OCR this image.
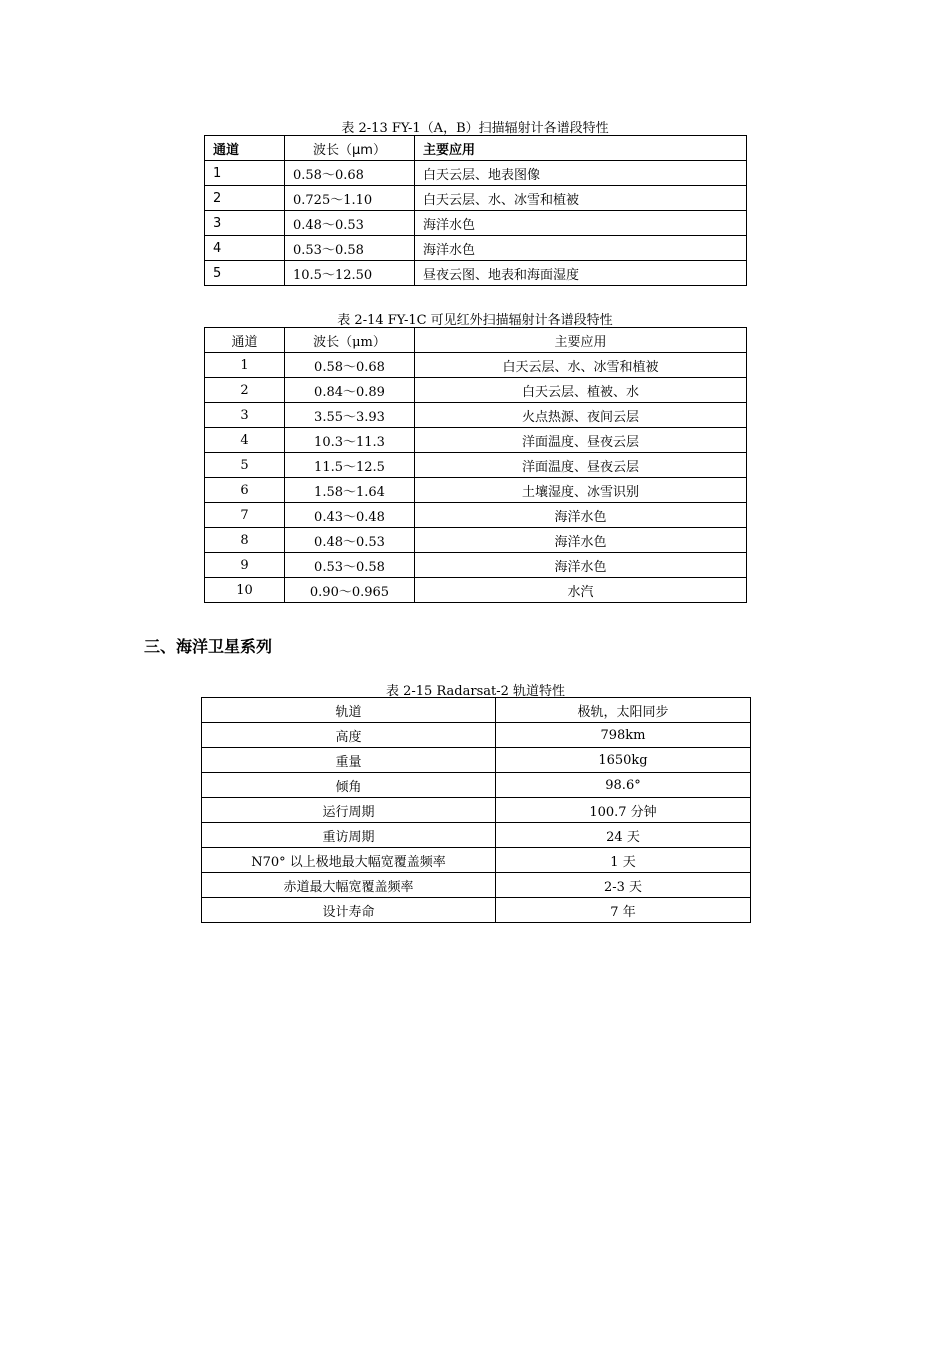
表 2-13 FY-1（A，B）扫描辐射计各谱段特性
通道	波长（μm）	主要应用
1	0.58～0.68	白天云层、地表图像
2	0.725～1.10	白天云层、水、冰雪和植被
3	0.48～0.53	海洋水色
4	0.53～0.58	海洋水色
5	10.5～12.50	昼夜云图、地表和海面湿度
表 2-14 FY-1C 可见红外扫描辐射计各谱段特性
通道	波长（μm）	主要应用
1	0.58～0.68	白天云层、水、冰雪和植被
2	0.84～0.89	白天云层、植被、水
3	3.55～3.93	火点热源、夜间云层
4	10.3～11.3	洋面温度、昼夜云层
5	11.5～12.5	洋面温度、昼夜云层
6	1.58～1.64	土壤湿度、冰雪识别
7	0.43～0.48	海洋水色
8	0.48～0.53	海洋水色
9	0.53～0.58	海洋水色
10	0.90～0.965	水汽
三、海洋卫星系列
表 2-15 Radarsat-2 轨道特性
轨道	极轨，太阳同步
高度	798km
重量	1650kg
倾角	98.6°
运行周期	100.7 分钟
重访周期	24 天
N70° 以上极地最大幅宽覆盖频率	1 天
赤道最大幅宽覆盖频率	2-3 天
设计寿命	7 年
